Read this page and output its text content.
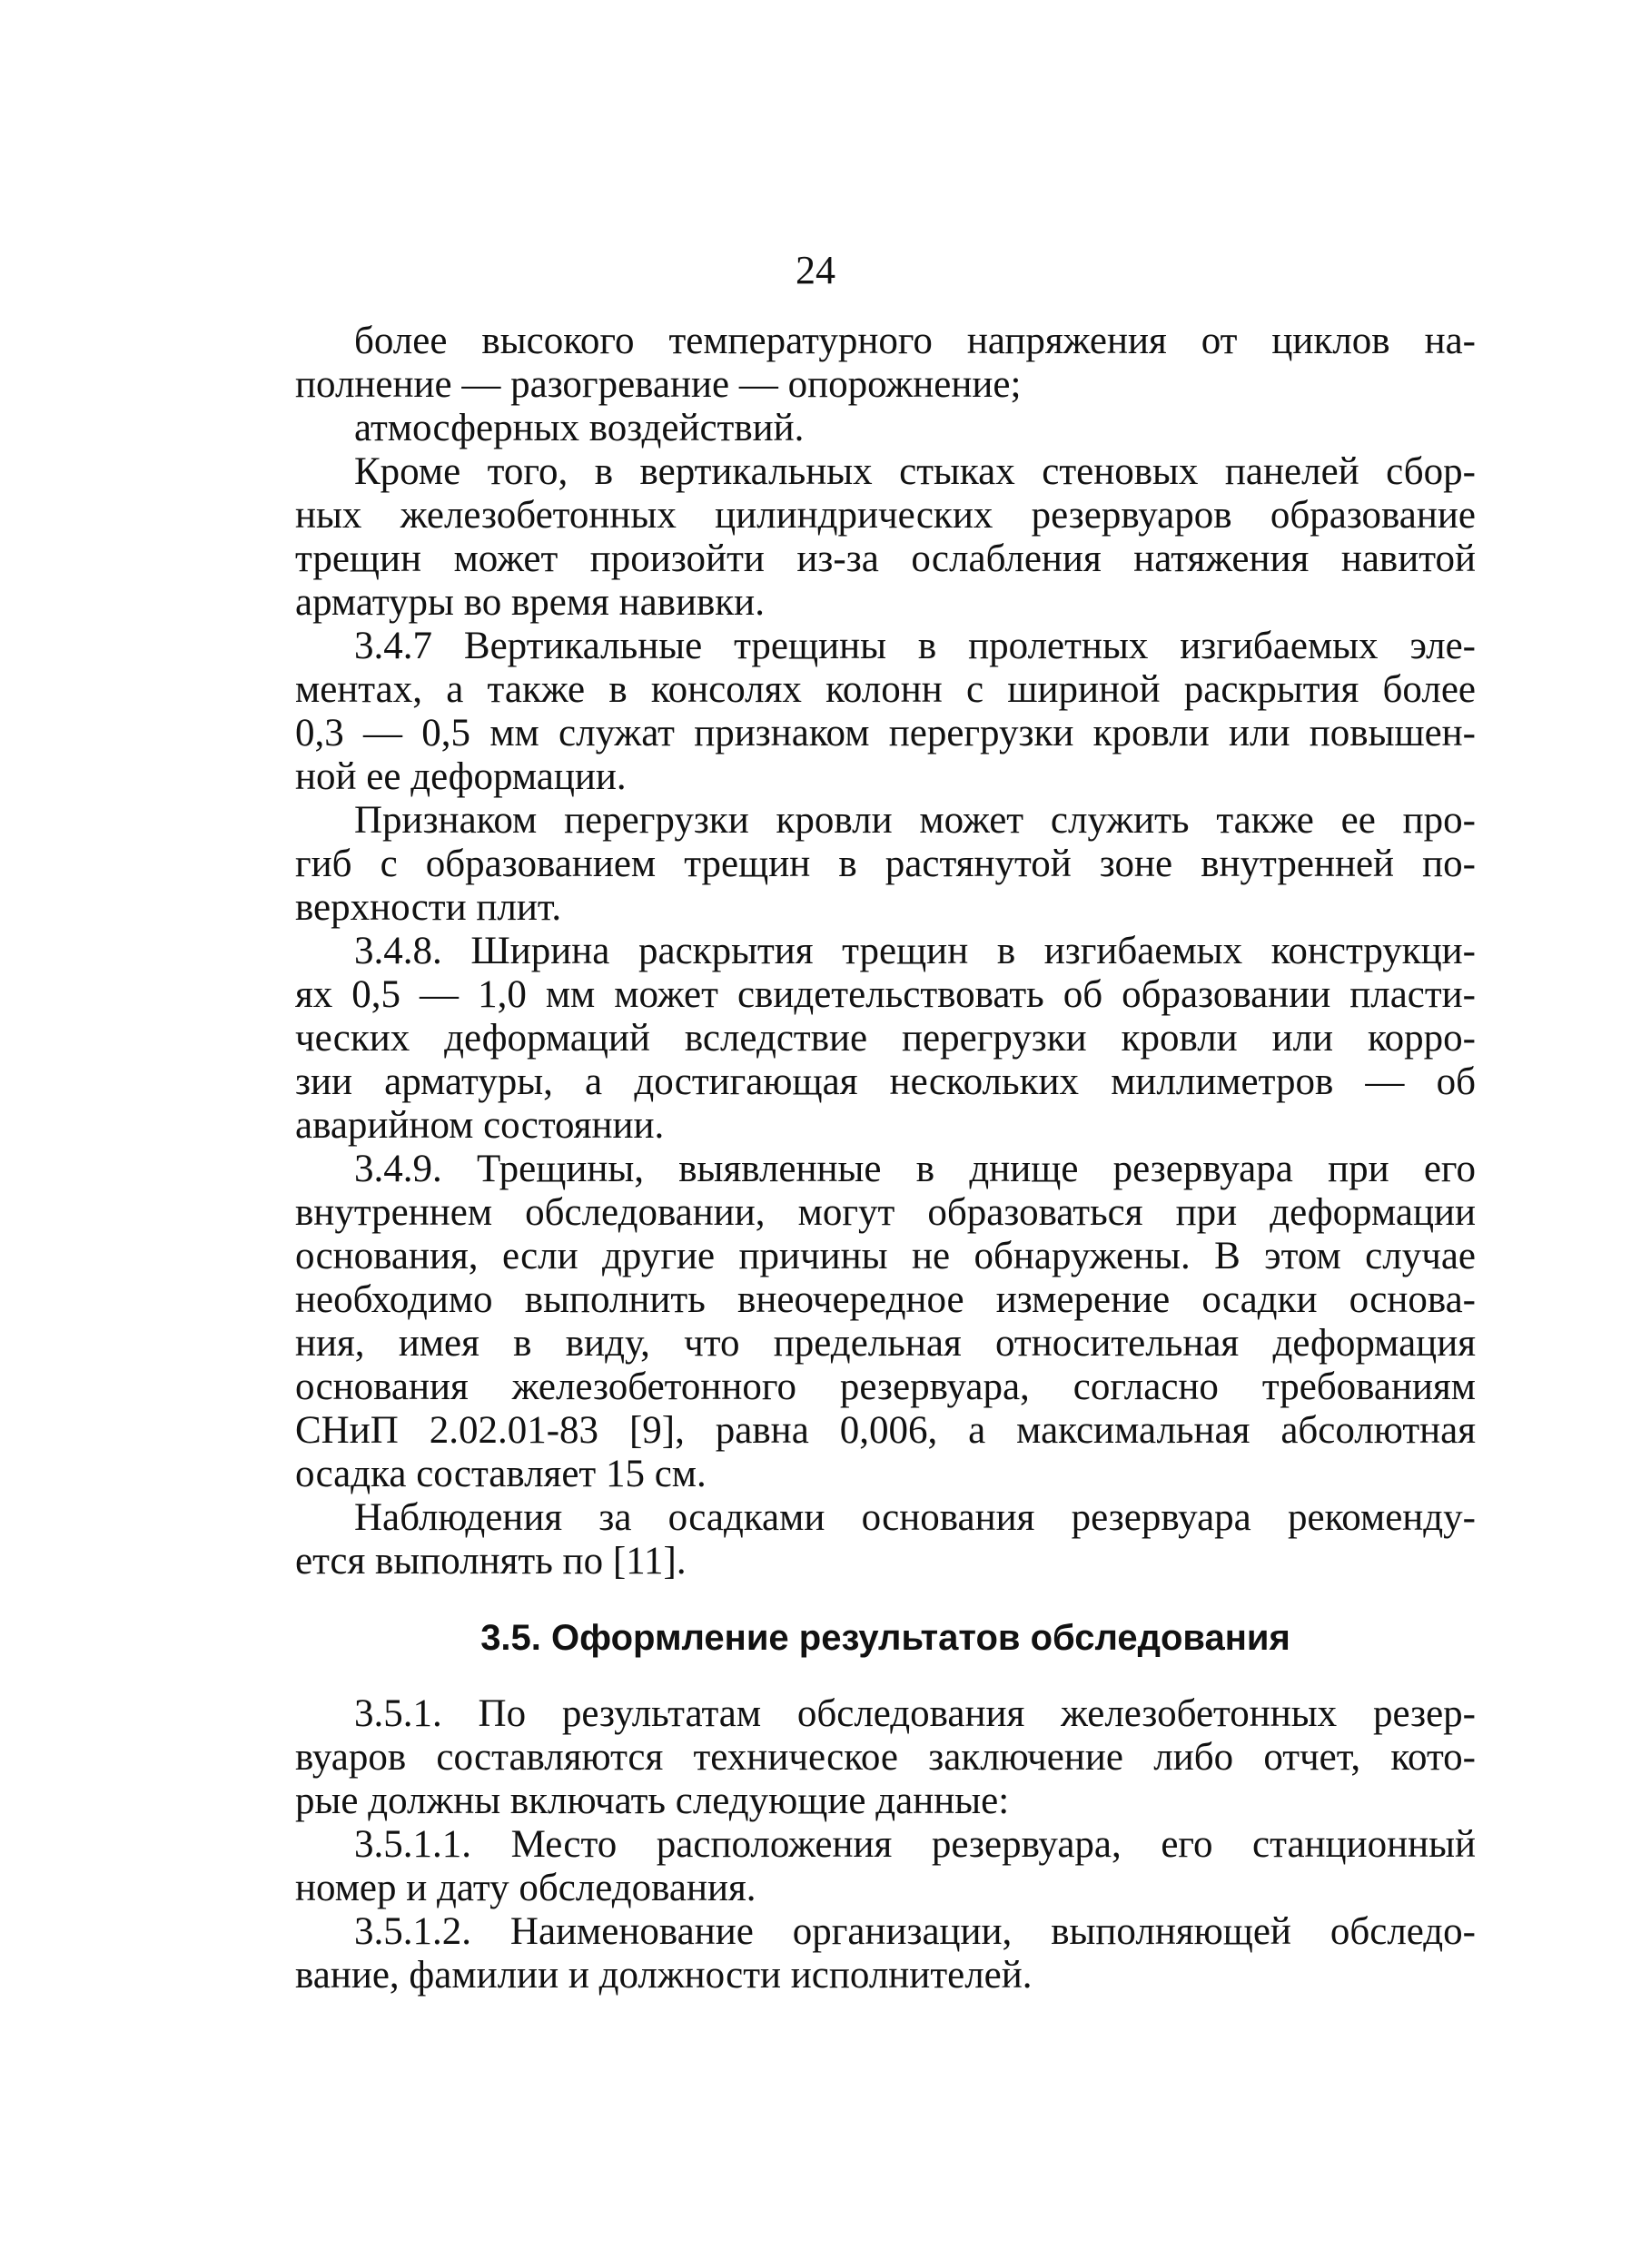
24

более высокого температурного напряжения от циклов на-

полнение — разогревание — опорожнение;

атмосферных воздействий.

Кроме того, в вертикальных стыках стеновых панелей сбор-

ных железобетонных цилиндрических резервуаров образование

трещин может произойти из-за ослабления натяжения навитой

арматуры во время навивки.

3.4.7 Вертикальные трещины в пролетных изгибаемых эле-

ментах, а также в консолях колонн с шириной раскрытия более

0,3 — 0,5 мм служат признаком перегрузки кровли или повышен-

ной ее деформации.

Признаком перегрузки кровли может служить также ее про-

гиб с образованием трещин в растянутой зоне внутренней по-

верхности плит.

3.4.8. Ширина раскрытия трещин в изгибаемых конструкци-

ях 0,5 — 1,0 мм может свидетельствовать об образовании пласти-

ческих деформаций вследствие перегрузки кровли или корро-

зии арматуры, а достигающая нескольких миллиметров — об

аварийном состоянии.

3.4.9. Трещины, выявленные в днище резервуара при его

внутреннем обследовании, могут образоваться при деформации

основания, если другие причины не обнаружены. В этом случае

необходимо выполнить внеочередное измерение осадки основа-

ния, имея в виду, что предельная относительная деформация

основания железобетонного резервуара, согласно требованиям

СНиП 2.02.01-83 [9], равна 0,006, а максимальная абсолютная

осадка составляет 15 см.

Наблюдения за осадками основания резервуара рекоменду-

ется выполнять по [11].

3.5. Оформление результатов обследования

3.5.1. По результатам обследования железобетонных резер-

вуаров составляются техническое заключение либо отчет, кото-

рые должны включать следующие данные:

3.5.1.1. Место расположения резервуара, его станционный

номер и дату обследования.

3.5.1.2. Наименование организации, выполняющей обследо-

вание, фамилии и должности исполнителей.
